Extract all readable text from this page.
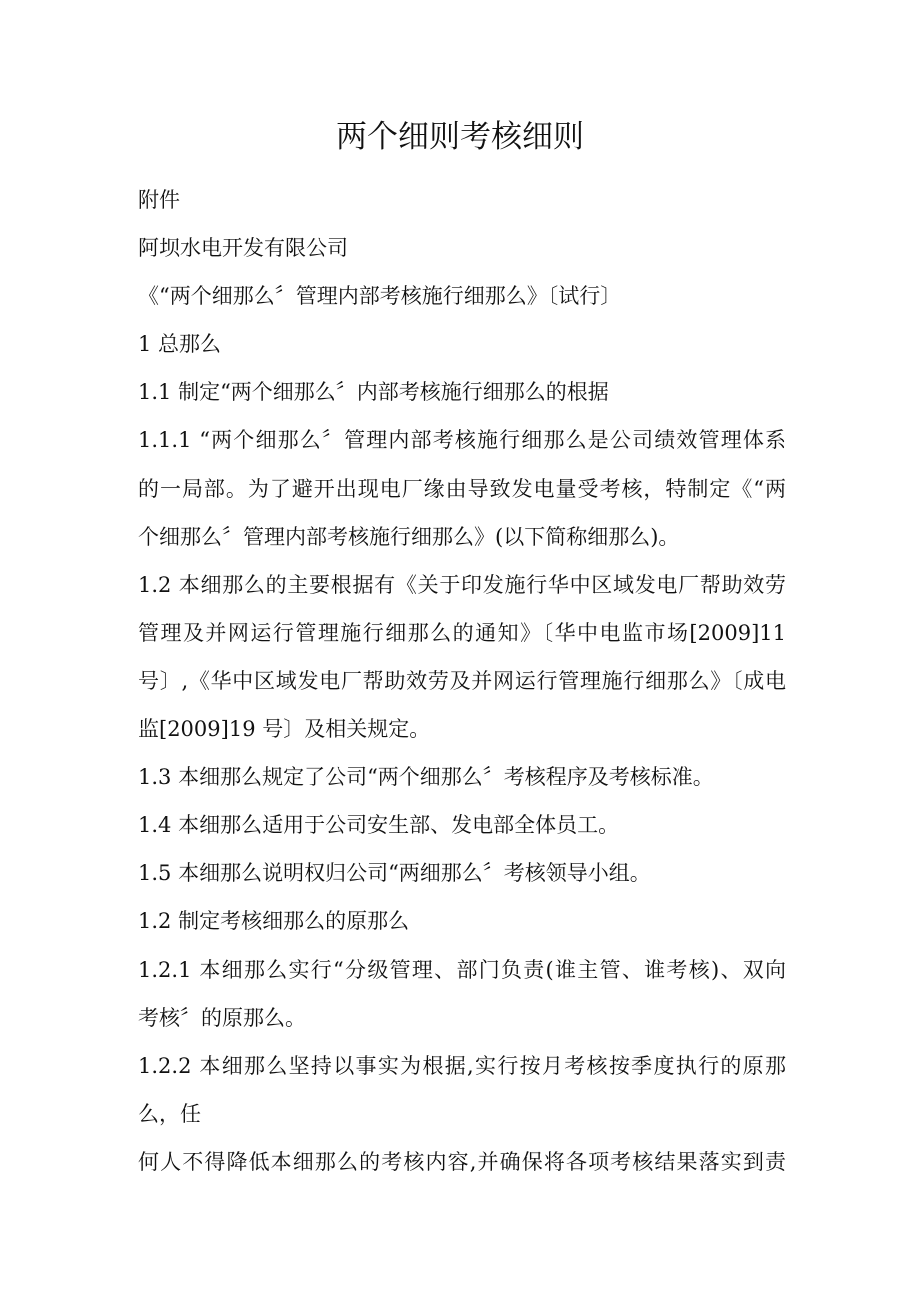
两个细则考核细则
附件
阿坝水电开发有限公司
《“两个细那么〞管理内部考核施行细那么》〔试行〕
1 总那么
1.1 制定“两个细那么〞内部考核施行细那么的根据
1.1.1 “两个细那么〞管理内部考核施行细那么是公司绩效管理体系
的一局部。为了避开出现电厂缘由导致发电量受考核，特制定《“两
个细那么〞管理内部考核施行细那么》(以下简称细那么)。
1.2 本细那么的主要根据有《关于印发施行华中区域发电厂帮助效劳
管理及并网运行管理施行细那么的通知》〔华中电监市场[2009]11
号〕,《华中区域发电厂帮助效劳及并网运行管理施行细那么》〔成电
监[2009]19 号〕及相关规定。
1.3 本细那么规定了公司“两个细那么〞考核程序及考核标准。
1.4 本细那么适用于公司安生部、发电部全体员工。
1.5 本细那么说明权归公司“两细那么〞考核领导小组。
1.2 制定考核细那么的原那么
1.2.1 本细那么实行“分级管理、部门负责(谁主管、谁考核)、双向
考核〞的原那么。
1.2.2 本细那么坚持以事实为根据,实行按月考核按季度执行的原那
么，任
何人不得降低本细那么的考核内容,并确保将各项考核结果落实到责
